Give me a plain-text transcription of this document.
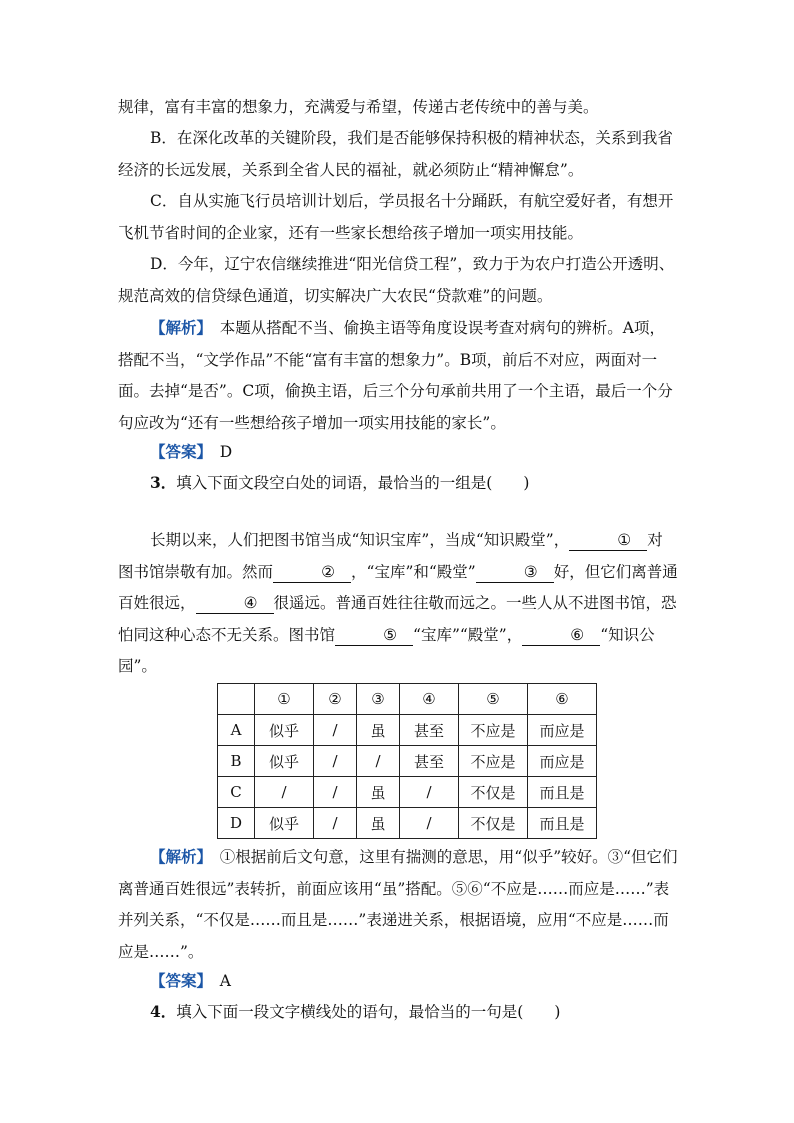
规律，富有丰富的想象力，充满爱与希望，传递古老传统中的善与美。

B．在深化改革的关键阶段，我们是否能够保持积极的精神状态，关系到我省经济的长远发展，关系到全省人民的福祉，就必须防止“精神懈怠”。

C．自从实施飞行员培训计划后，学员报名十分踊跃，有航空爱好者，有想开飞机节省时间的企业家，还有一些家长想给孩子增加一项实用技能。

D．今年，辽宁农信继续推进“阳光信贷工程”，致力于为农户打造公开透明、规范高效的信贷绿色通道，切实解决广大农民“贷款难”的问题。

【解析】　 本题从搭配不当、偷换主语等角度设误考查对病句的辨析。A项，搭配不当，“文学作品”不能“富有丰富的想象力”。B项，前后不对应，两面对一面。去掉“是否”。C项，偷换主语，后三个分句承前共用了一个主语，最后一个分句应改为“还有一些想给孩子增加一项实用技能的家长”。

【答案】　 D

3．填入下面文段空白处的词语，最恰当的一组是(　　)

长期以来，人们把图书馆当成“知识宝库”，当成“知识殿堂”，	① 对图书馆崇敬有加。然而	② ，“宝库”和“殿堂”	③ 好，但它们离普通百姓很远，	④ 很遥远。普通百姓往往敬而远之。一些人从不进图书馆，恐怕同这种心态不无关系。图书馆	⑤ “宝库”“殿堂”，	⑥ “知识公园”。

	①	②	③	④	⑤	⑥
A	似乎	/	虽	甚至	不应是	而应是
B	似乎	/	/	甚至	不应是	而应是
C	/	/	虽	/	不仅是	而且是
D	似乎	/	虽	/	不仅是	而且是

【解析】　 ①根据前后文句意，这里有揣测的意思，用“似乎”较好。③“但它们离普通百姓很远”表转折，前面应该用“虽”搭配。⑤⑥“不应是……而应是……”表并列关系，“不仅是……而且是……”表递进关系，根据语境，应用“不应是……而应是……”。

【答案】　 A

4．填入下面一段文字横线处的语句，最恰当的一句是(　　)
